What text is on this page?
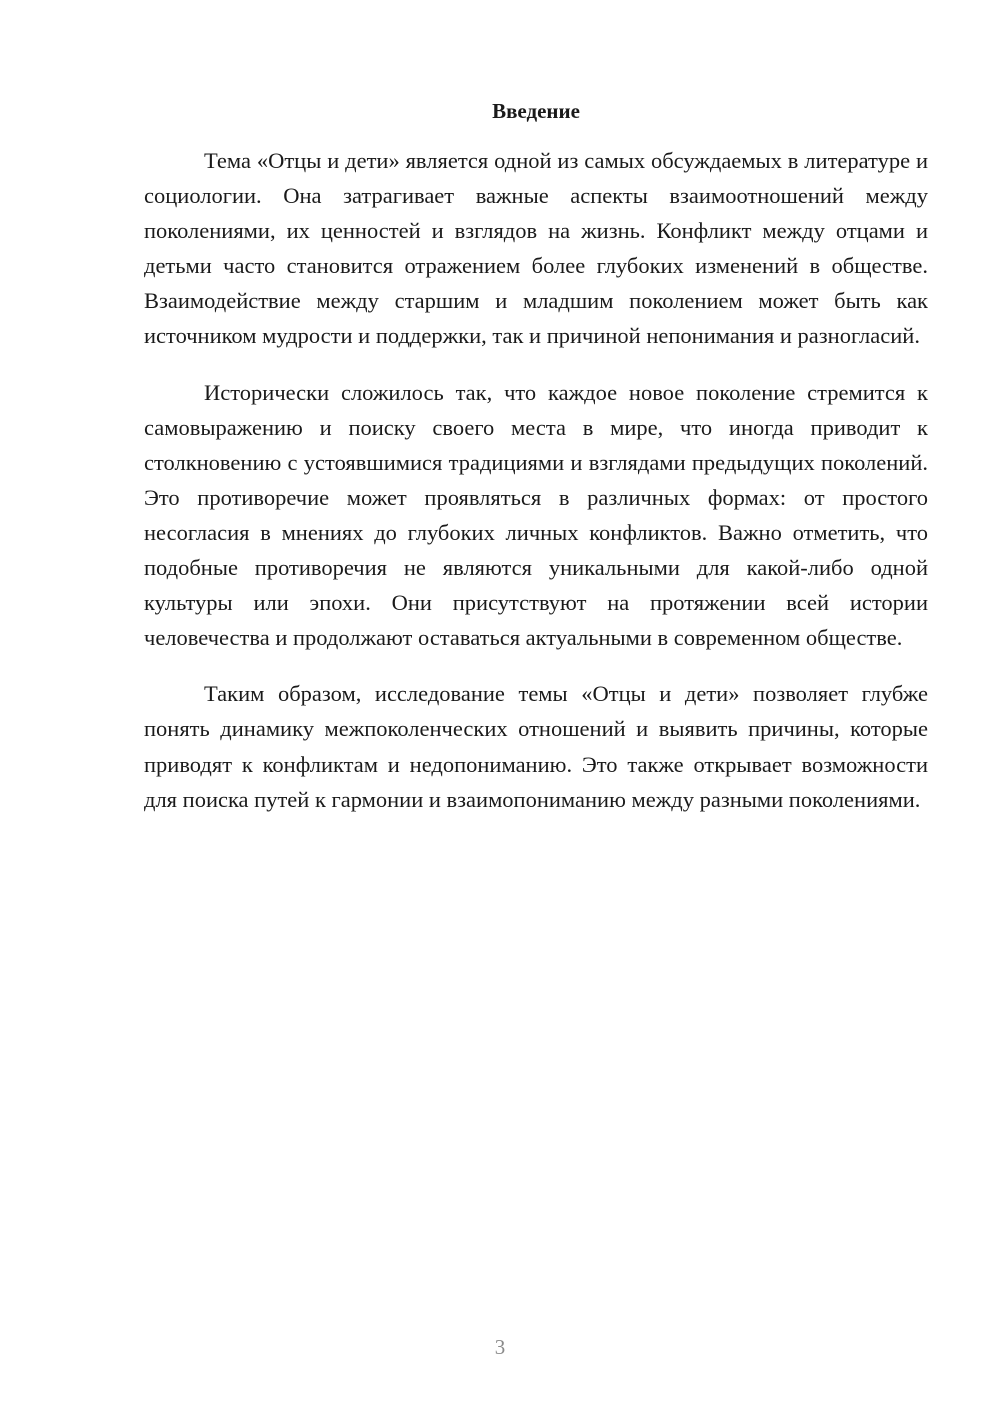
Введение

Тема «Отцы и дети» является одной из самых обсуждаемых в литературе и социологии. Она затрагивает важные аспекты взаимоотношений между поколениями, их ценностей и взглядов на жизнь. Конфликт между отцами и детьми часто становится отражением более глубоких изменений в обществе. Взаимодействие между старшим и младшим поколением может быть как источником мудрости и поддержки, так и причиной непонимания и разногласий.

Исторически сложилось так, что каждое новое поколение стремится к самовыражению и поиску своего места в мире, что иногда приводит к столкновению с устоявшимися традициями и взглядами предыдущих поколений. Это противоречие может проявляться в различных формах: от простого несогласия в мнениях до глубоких личных конфликтов. Важно отметить, что подобные противоречия не являются уникальными для какой-либо одной культуры или эпохи. Они присутствуют на протяжении всей истории человечества и продолжают оставаться актуальными в современном обществе.

Таким образом, исследование темы «Отцы и дети» позволяет глубже понять динамику межпоколенческих отношений и выявить причины, которые приводят к конфликтам и недопониманию. Это также открывает возможности для поиска путей к гармонии и взаимопониманию между разными поколениями.

3
